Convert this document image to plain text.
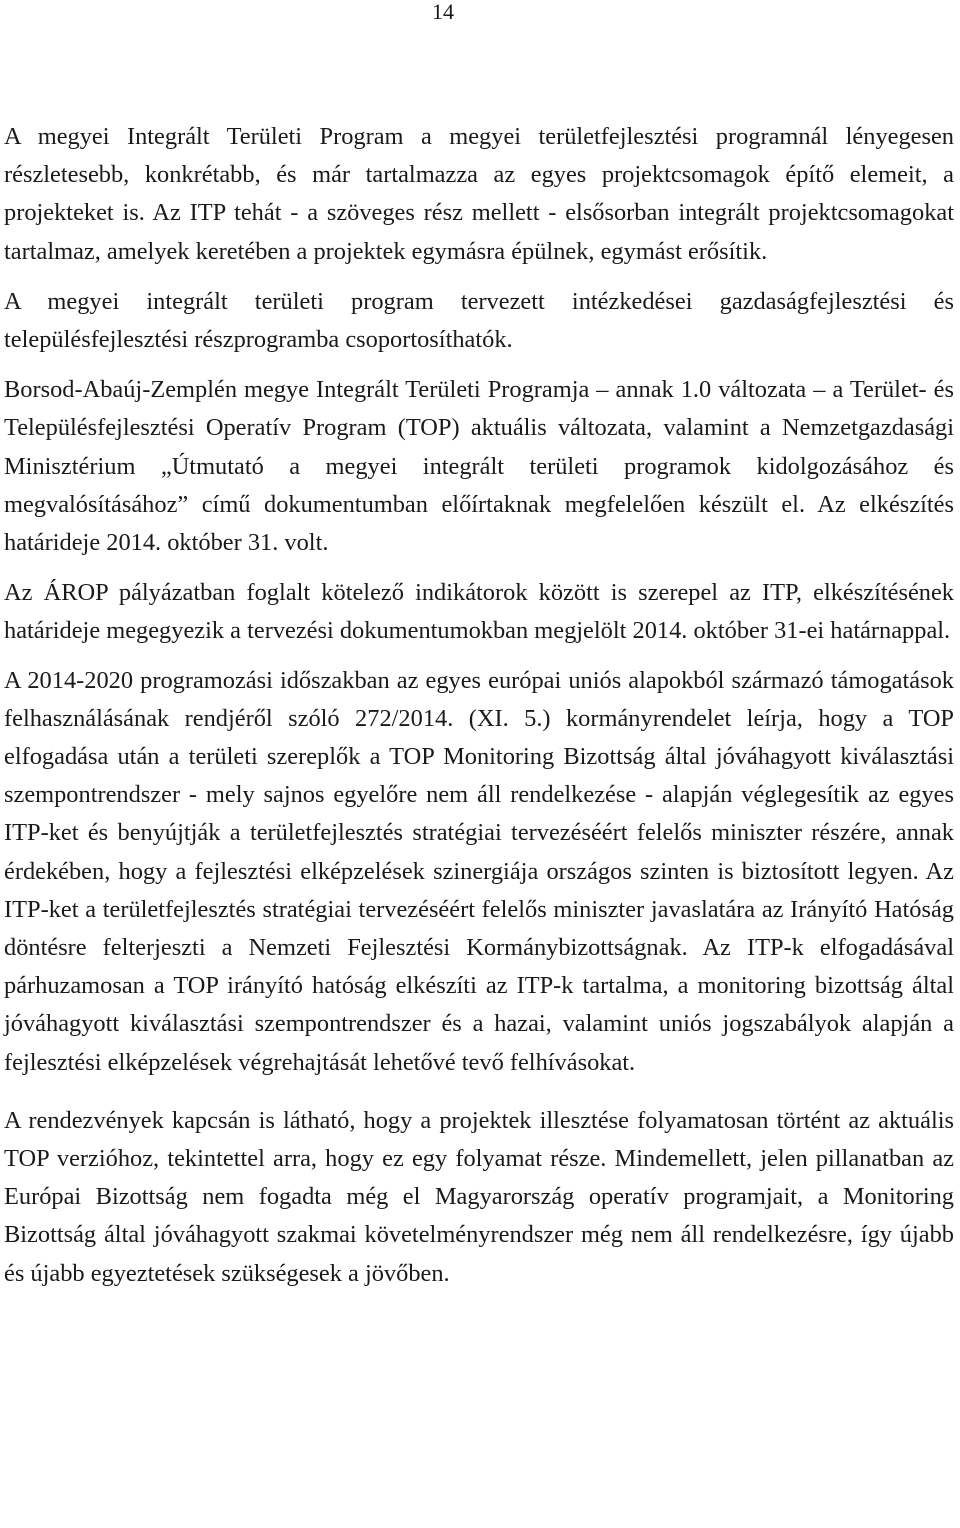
14

A megyei Integrált Területi Program a megyei területfejlesztési programnál lényegesen részletesebb, konkrétabb, és már tartalmazza az egyes projektcsomagok építő elemeit, a projekteket is. Az ITP tehát - a szöveges rész mellett - elsősorban integrált projektcsomagokat tartalmaz, amelyek keretében a projektek egymásra épülnek, egymást erősítik.

A megyei integrált területi program tervezett intézkedései gazdaságfejlesztési és településfejlesztési részprogramba csoportosíthatók.

Borsod-Abaúj-Zemplén megye Integrált Területi Programja – annak 1.0 változata – a Terület- és Településfejlesztési Operatív Program (TOP) aktuális változata, valamint a Nemzetgazdasági Minisztérium „Útmutató a megyei integrált területi programok kidolgozásához és megvalósításához” című dokumentumban előírtaknak megfelelően készült el. Az elkészítés határideje 2014. október 31. volt.

Az ÁROP pályázatban foglalt kötelező indikátorok között is szerepel az ITP, elkészítésének határideje megegyezik a tervezési dokumentumokban megjelölt 2014. október 31-ei határnappal.

A 2014-2020 programozási időszakban az egyes európai uniós alapokból származó támogatások felhasználásának rendjéről szóló 272/2014. (XI. 5.) kormányrendelet leírja, hogy a TOP elfogadása után a területi szereplők a TOP Monitoring Bizottság által jóváhagyott kiválasztási szempontrendszer - mely sajnos egyelőre nem áll rendelkezése - alapján véglegesítik az egyes ITP-ket és benyújtják a területfejlesztés stratégiai tervezéséért felelős miniszter részére, annak érdekében, hogy a fejlesztési elképzelések szinergiája országos szinten is biztosított legyen. Az ITP-ket a területfejlesztés stratégiai tervezéséért felelős miniszter javaslatára az Irányító Hatóság döntésre felterjeszti a Nemzeti Fejlesztési Kormánybizottságnak. Az ITP-k elfogadásával párhuzamosan a TOP irányító hatóság elkészíti az ITP-k tartalma, a monitoring bizottság által jóváhagyott kiválasztási szempontrendszer és a hazai, valamint uniós jogszabályok alapján a fejlesztési elképzelések végrehajtását lehetővé tevő felhívásokat.

A rendezvények kapcsán is látható, hogy a projektek illesztése folyamatosan történt az aktuális TOP verzióhoz, tekintettel arra, hogy ez egy folyamat része. Mindemellett, jelen pillanatban az Európai Bizottság nem fogadta még el Magyarország operatív programjait, a Monitoring Bizottság által jóváhagyott szakmai követelményrendszer még nem áll rendelkezésre, így újabb és újabb egyeztetések szükségesek a jövőben.
